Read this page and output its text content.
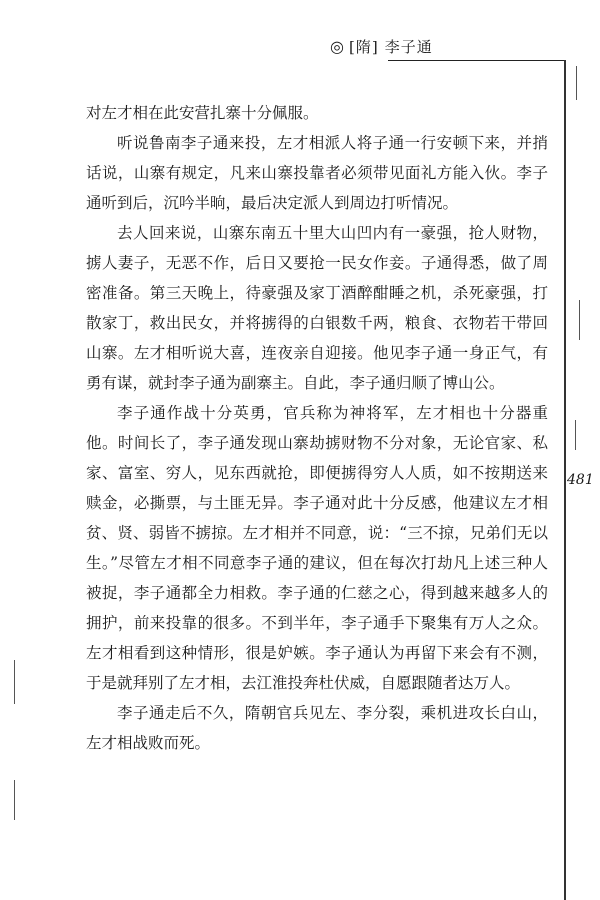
◎ [隋] 李子通
481

对左才相在此安营扎寨十分佩服。

听说鲁南李子通来投，左才相派人将子通一行安顿下来，并捎话说，山寨有规定，凡来山寨投靠者必须带见面礼方能入伙。李子通听到后，沉吟半晌，最后决定派人到周边打听情况。

去人回来说，山寨东南五十里大山凹内有一豪强，抢人财物，掳人妻子，无恶不作，后日又要抢一民女作妾。子通得悉，做了周密准备。第三天晚上，待豪强及家丁酒醉酣睡之机，杀死豪强，打散家丁，救出民女，并将掳得的白银数千两，粮食、衣物若干带回山寨。左才相听说大喜，连夜亲自迎接。他见李子通一身正气，有勇有谋，就封李子通为副寨主。自此，李子通归顺了博山公。

李子通作战十分英勇，官兵称为神将军，左才相也十分器重他。时间长了，李子通发现山寨劫掳财物不分对象，无论官家、私家、富室、穷人，见东西就抢，即便掳得穷人人质，如不按期送来赎金，必撕票，与土匪无异。李子通对此十分反感，他建议左才相贫、贤、弱皆不掳掠。左才相并不同意，说：“三不掠，兄弟们无以生。”尽管左才相不同意李子通的建议，但在每次打劫凡上述三种人被捉，李子通都全力相救。李子通的仁慈之心，得到越来越多人的拥护，前来投靠的很多。不到半年，李子通手下聚集有万人之众。左才相看到这种情形，很是妒嫉。李子通认为再留下来会有不测，于是就拜别了左才相，去江淮投奔杜伏威，自愿跟随者达万人。

李子通走后不久，隋朝官兵见左、李分裂，乘机进攻长白山，左才相战败而死。
